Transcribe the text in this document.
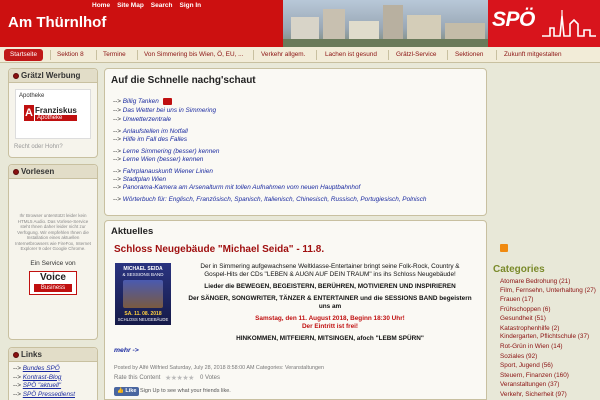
Home Site Map Search Sign In
Am Thürnlhof	SPÖ
Startseite	Sektion 8	Termine	Von Simmering bis Wien, Ö, EU, ...	Verkehr allgem.	Lachen ist gesund	Grätzl-Service	Sektionen	Zukunft mitgestalten
Grätzl Werbung
Apotheke
A Franziskus
Apotheke
Recht oder Hohn?
Vorlesen
Ihr Browser unterstützt leider kein HTML5 Audio. Das Vorlese-Service steht Ihnen daher leider nicht zur Verfügung. Wir empfehlen Ihnen die Installation eines aktuellen Internetbrowsers wie FireFox, Internet Explorer 9 oder Google Chrome.
Ein Service von
Voice
Business
Links
--> Bundes SPÖ
--> Kontrast-Blog
--> SPÖ "aktuell"
--> SPÖ Pressedienst
Auf die Schnelle nachg'schaut
--> Billig Tanken
--> Das Wetter bei uns in Simmering
--> Unwetterzentrale
--> Anlaufstellen im Notfall
--> Hilfe im Fall des Falles
--> Lerne Simmering (besser) kennen
--> Lerne Wien (besser) kennen
--> Fahrplanauskunft Wiener Linien
--> Stadtplan Wien
--> Panorama-Kamera am Arsenalturm mit tollen Aufnahmen vom neuen Hauptbahnhof
--> Wörterbuch für: Englisch, Französisch, Spanisch, Italienisch, Chinesisch, Russisch, Portugiesisch, Polnisch
Aktuelles
Schloss Neugebäude "Michael Seida" - 11.8.
MICHAEL SEIDA
& SESSIONS BAND
SA. 11. 08. 2018
SCHLOSS NEUGEBÄUDE
Der in Simmering aufgewachsene Weltklasse-Entertainer bringt seine Folk-Rock, Country &
Gospel-Hits der CDs "LEBEN & AUGN AUF DEIN TRAUM" ins ihs Schloss Neugebäude!
Lieder die BEWEGEN, BEGEISTERN, BERÜHREN, MOTIVIEREN UND INSPIRIEREN
Der SÄNGER, SONGWRITER, TÄNZER & ENTERTAINER und die SESSIONS BAND begeistern
uns am
Samstag, den 11. August 2018, Beginn 18:30 Uhr!
Der Eintritt ist frei!
HINKOMMEN, MITFEIERN, MITSINGEN, afoch "LEBM SPÜRN"
mehr ->
Posted by Alfé Wilfried Saturday, July 28, 2018 8:58:00 AM Categories: Veranstaltungen
Rate this Content ★★★★★ 0 Votes
👍 Like Sign Up to see what your friends like.
Categories
Atomare Bedrohung (21)
Film, Fernsehn, Unterhaltung (27)
Frauen (17)
Frühschoppen (6)
Gesundheit (51)
Katastrophenhilfe (2)
Kindergarten, Pflichtschule (37)
Rot-Grün in Wien (14)
Soziales (92)
Sport, Jugend (56)
Steuern, Finanzen (160)
Veranstaltungen (37)
Verkehr, Sicherheit (97)
